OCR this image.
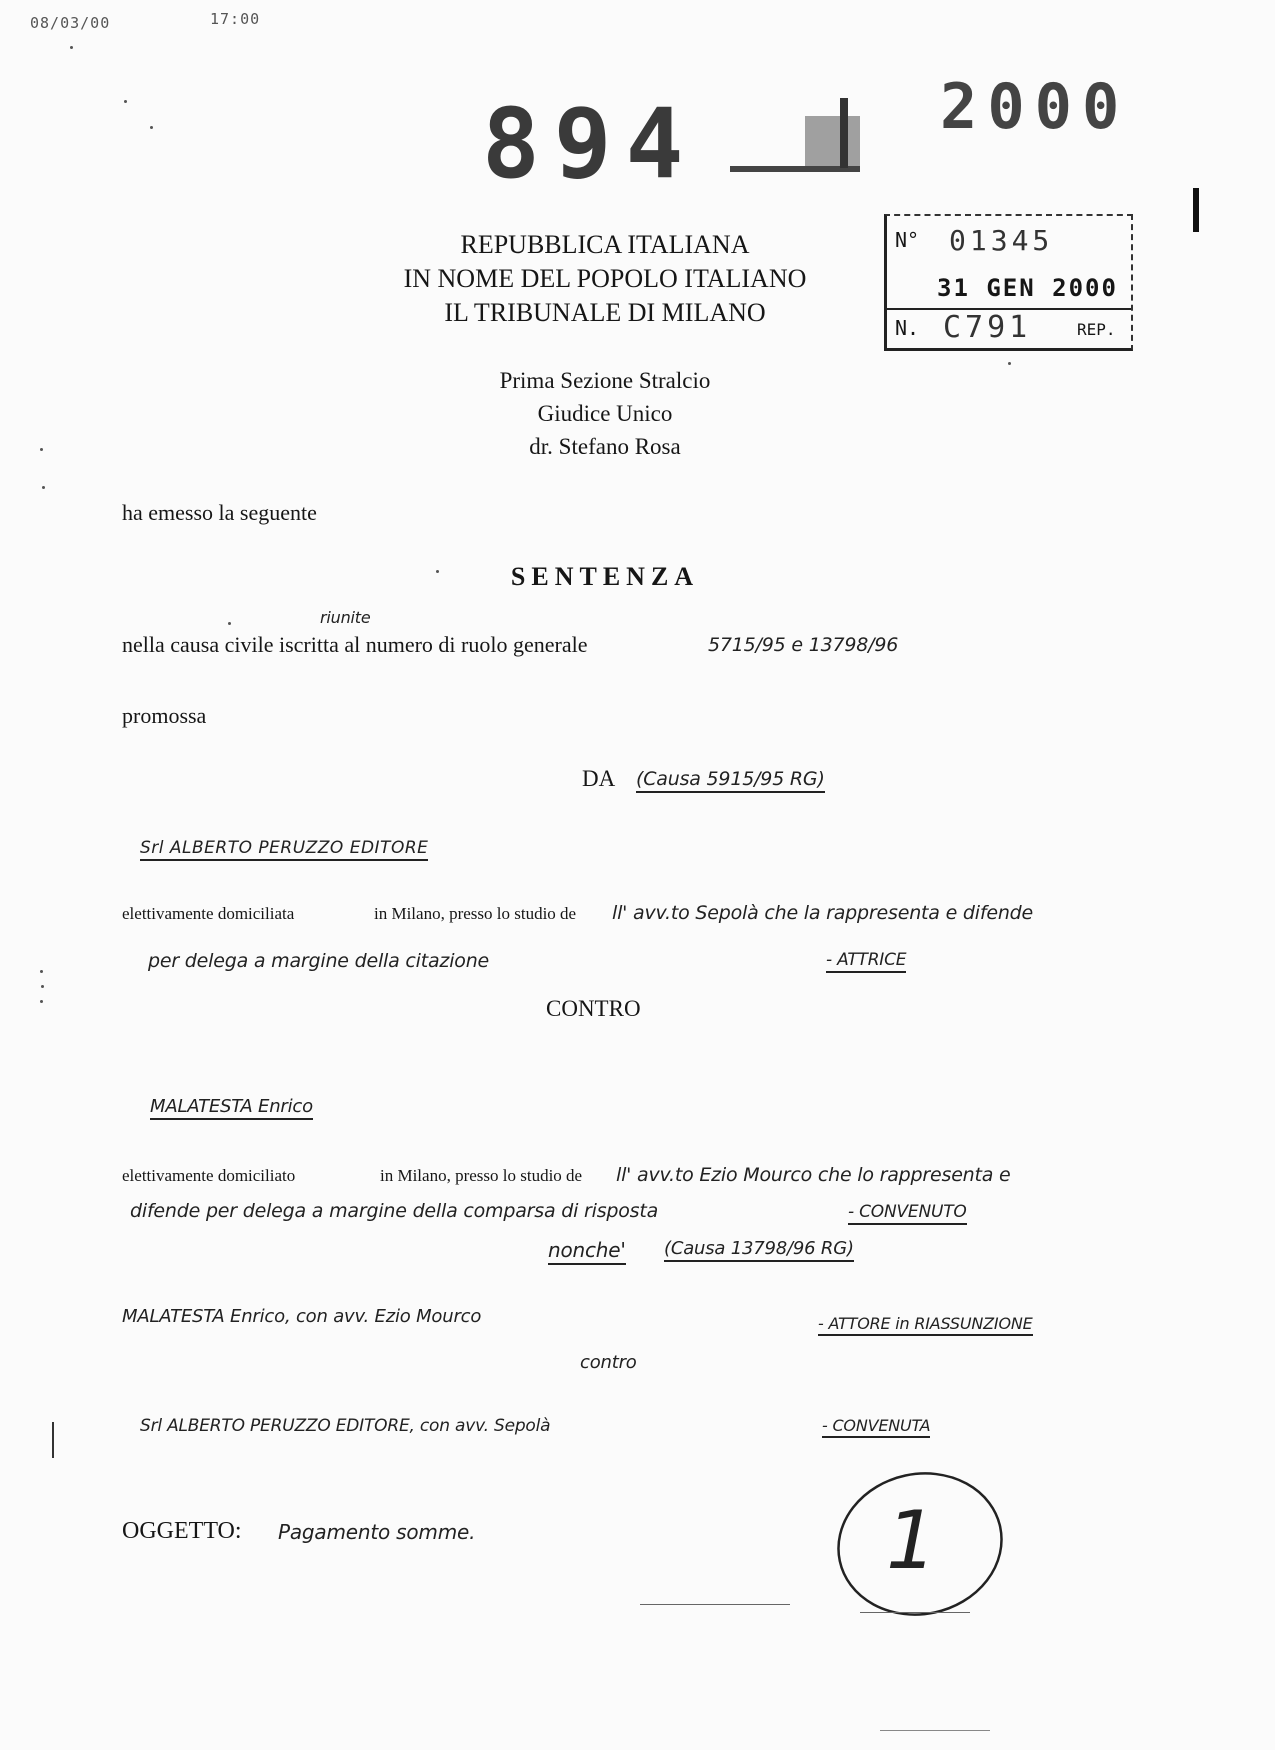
08/03/00	17:00
894	2000
N° 01345
31 GEN 2000
N. C791	REP.
REPUBBLICA ITALIANA
IN NOME DEL POPOLO ITALIANO
IL TRIBUNALE DI MILANO
Prima Sezione Stralcio
Giudice Unico
dr. Stefano Rosa
ha emesso la seguente
SENTENZA
riunite
nella causa civile iscritta al numero di ruolo generale	5715/95 e 13798/96
promossa
DA (Causa 5915/95 RG)
Srl ALBERTO PERUZZO EDITORE
elettivamente domiciliata	in Milano, presso lo studio de ll' avv.to Sepolà che la rappresenta e difende
per delega a margine della citazione	- ATTRICE
CONTRO
MALATESTA Enrico
elettivamente domiciliato	in Milano, presso lo studio de ll' avv.to Ezio Mourco che lo rappresenta e
difende per delega a margine della comparsa di risposta	- CONVENUTO
nonche' (Causa 13798/96 RG)
MALATESTA Enrico, con avv. Ezio Mourco	- ATTORE in RIASSUNZIONE
contro
Srl ALBERTO PERUZZO EDITORE, con avv. Sepolà	- CONVENUTA
OGGETTO: Pagamento somme.	1
